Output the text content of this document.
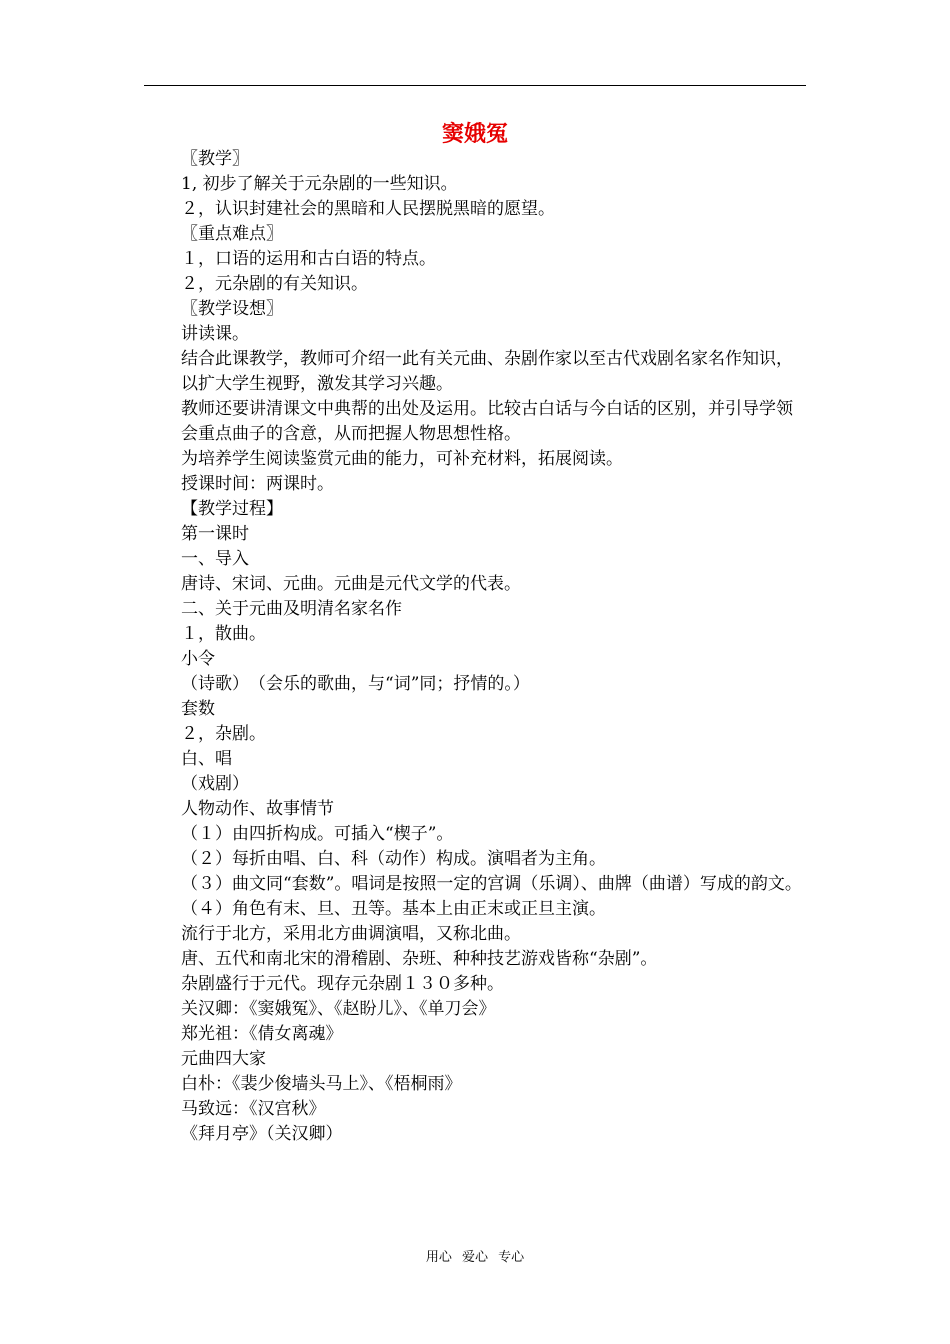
窦娥冤

〖教学〗

1, 初步了解关于元杂剧的一些知识。

２，认识封建社会的黑暗和人民摆脱黑暗的愿望。

〖重点难点〗

１，口语的运用和古白语的特点。

２，元杂剧的有关知识。

〖教学设想〗

讲读课。

结合此课教学，教师可介绍一此有关元曲、杂剧作家以至古代戏剧名家名作知识，

以扩大学生视野，激发其学习兴趣。

教师还要讲清课文中典帮的出处及运用。比较古白话与今白话的区别，并引导学领

会重点曲子的含意，从而把握人物思想性格。

为培养学生阅读鉴赏元曲的能力，可补充材料，拓展阅读。

授课时间：两课时。

【教学过程】

第一课时

一、导入

唐诗、宋词、元曲。元曲是元代文学的代表。

二、关于元曲及明清名家名作

１，散曲。

小令

（诗歌）　（会乐的歌曲，与“词”同；抒情的。）

套数

２，杂剧。

白、唱

（戏剧）

人物动作、故事情节

（１）由四折构成。可插入“楔子”。

（２）每折由唱、白、科（动作）构成。演唱者为主角。

（３）曲文同“套数”。唱词是按照一定的宫调（乐调）、曲牌（曲谱）写成的韵文。

（４）角色有末、旦、丑等。基本上由正末或正旦主演。

流行于北方，采用北方曲调演唱，又称北曲。

唐、五代和南北宋的滑稽剧、杂班、种种技艺游戏皆称“杂剧”。

杂剧盛行于元代。现存元杂剧１３０多种。

关汉卿：《窦娥冤》、《赵盼儿》、《单刀会》

郑光祖：《倩女离魂》

元曲四大家

白朴：《裴少俊墙头马上》、《梧桐雨》

马致远：《汉宫秋》

《拜月亭》（关汉卿）

用心 爱心 专心
